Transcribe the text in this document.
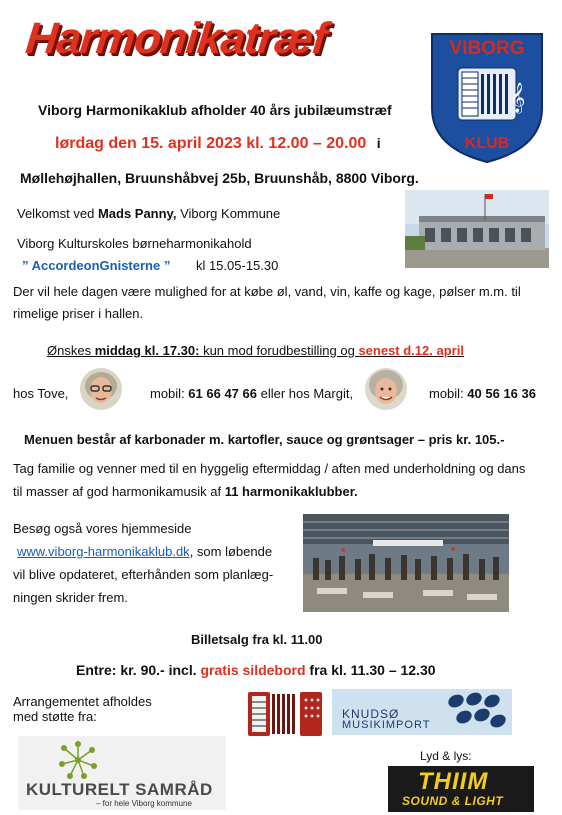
Harmonikatræf	VIBORG
𝄞
KLUB
Viborg Harmonikaklub afholder 40 års jubilæumstræf
lørdag den 15. april 2023 kl. 12.00 – 20.00 i
Møllehøjhallen, Bruunshåbvej 25b, Bruunshåb, 8800 Viborg.
Velkomst ved Mads Panny, Viborg Kommune
Viborg Kulturskoles børneharmonikahold
” AccordeonGnisterne ” kl 15.05-15.30
Der vil hele dagen være mulighed for at købe øl, vand, vin, kaffe og kage, pølser m.m. til
rimelige priser i hallen.
Ønskes middag kl. 17.30: kun mod forudbestilling og senest d.12. april
hos Tove,	mobil: 61 66 47 66 eller hos Margit,	mobil: 40 56 16 36
Menuen består af karbonader m. kartofler, sauce og grøntsager – pris kr. 105.-
Tag familie og venner med til en hyggelig eftermiddag / aften med underholdning og dans
til masser af god harmonikamusik af 11 harmonikaklubber.
Besøg også vores hjemmeside
www.viborg-harmonikaklub.dk, som løbende
vil blive opdateret, efterhånden som planlæg-
ningen skrider frem.
Billetsalg fra kl. 11.00
Entre: kr. 90.- incl. gratis sildebord fra kl. 11.30 – 12.30
Arrangementet afholdes
med støtte fra:	KNUDSØ
MUSIKIMPORT
KULTURELT SAMRÅD
– for hele Viborg kommune
Lyd & lys:
THIIM
SOUND & LIGHT
